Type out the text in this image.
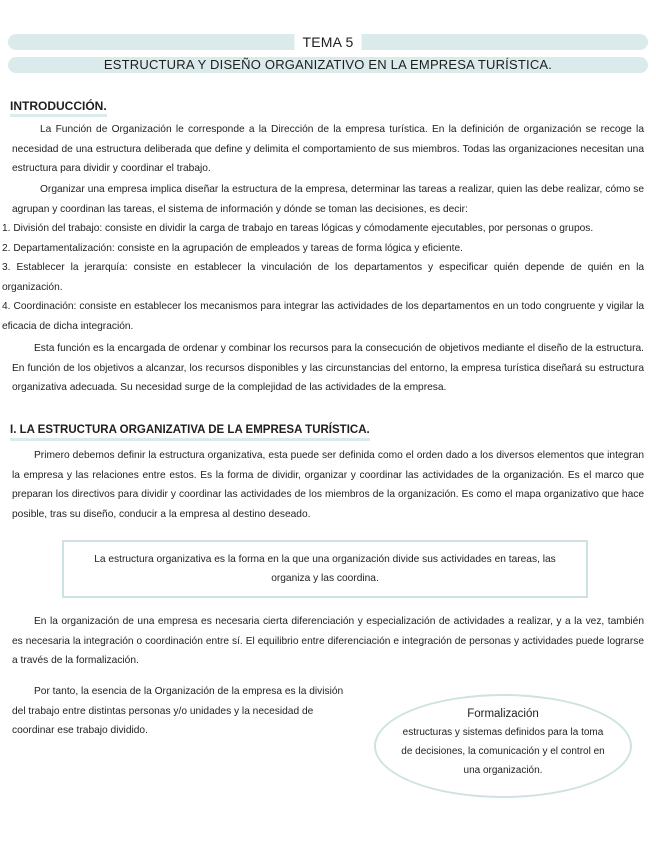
TEMA 5
ESTRUCTURA Y DISEÑO ORGANIZATIVO EN LA EMPRESA TURÍSTICA.
INTRODUCCIÓN.
La Función de Organización le corresponde a la Dirección de la empresa turística. En la definición de organización se recoge la necesidad de una estructura deliberada que define y delimita el comportamiento de sus miembros. Todas las organizaciones necesitan una estructura para dividir y coordinar el trabajo.
Organizar una empresa implica diseñar la estructura de la empresa, determinar las tareas a realizar, quien las debe realizar, cómo se agrupan y coordinan las tareas, el sistema de información y dónde se toman las decisiones, es decir:
1. División del trabajo: consiste en dividir la carga de trabajo en tareas lógicas y cómodamente ejecutables, por personas o grupos.
2. Departamentalización: consiste en la agrupación de empleados y tareas de forma lógica y eficiente.
3. Establecer la jerarquía: consiste en establecer la vinculación de los departamentos y especificar quién depende de quién en la organización.
4. Coordinación: consiste en establecer los mecanismos para integrar las actividades de los departamentos en un todo congruente y vigilar la eficacia de dicha integración.
Esta función es la encargada de ordenar y combinar los recursos para la consecución de objetivos mediante el diseño de la estructura. En función de los objetivos a alcanzar, los recursos disponibles y las circunstancias del entorno, la empresa turística diseñará su estructura organizativa adecuada. Su necesidad surge de la complejidad de las actividades de la empresa.
I. LA ESTRUCTURA ORGANIZATIVA DE LA EMPRESA TURÍSTICA.
Primero debemos definir la estructura organizativa, esta puede ser definida como el orden dado a los diversos elementos que integran la empresa y las relaciones entre estos. Es la forma de dividir, organizar y coordinar las actividades de la organización. Es el marco que preparan los directivos para dividir y coordinar las actividades de los miembros de la organización. Es como el mapa organizativo que hace posible, tras su diseño, conducir a la empresa al destino deseado.
La estructura organizativa es la forma en la que una organización divide sus actividades en tareas, las organiza y las coordina.
En la organización de una empresa es necesaria cierta diferenciación y especialización de actividades a realizar, y a la vez, también es necesaria la integración o coordinación entre sí. El equilibrio entre diferenciación e integración de personas y actividades puede lograrse a través de la formalización.
Por tanto, la esencia de la Organización de la empresa es la división del trabajo entre distintas personas y/o unidades y la necesidad de coordinar ese trabajo dividido.
Formalización
estructuras y sistemas definidos para la toma de decisiones, la comunicación y el control en una organización.
